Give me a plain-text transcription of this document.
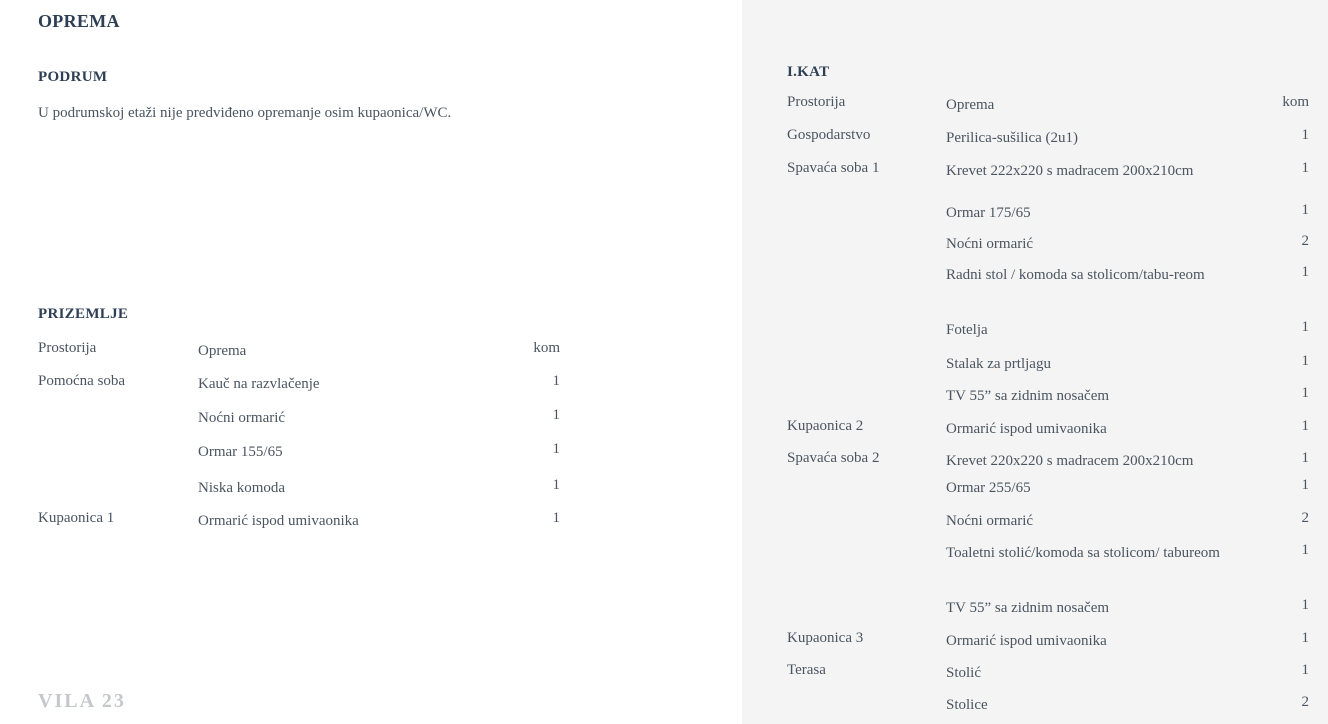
OPREMA
PODRUM
U podrumskoj etaži nije predviđeno opremanje osim kupaonica/WC.
PRIZEMLJE
Prostorija	Oprema	kom
Pomoćna soba	Kauč na razvlačenje	1
Noćni ormarić	1
Ormar 155/65	1
Niska komoda	1
Kupaonica 1	Ormarić ispod umivaonika	1
VILA 23
I.KAT
Prostorija	Oprema	kom
Gospodarstvo	Perilica-sušilica (2u1)	1
Spavaća soba 1	Krevet 222x220 s madracem 200x210cm	1
Ormar 175/65	1
Noćni ormarić	2
Radni stol / komoda sa stolicom/tabu-reom	1
Fotelja	1
Stalak za prtljagu	1
TV 55” sa zidnim nosačem	1
Kupaonica 2	Ormarić ispod umivaonika	1
Spavaća soba 2	Krevet 220x220 s madracem 200x210cm	1
Ormar 255/65	1
Noćni ormarić	2
Toaletni stolić/komoda sa stolicom/ tabureom	1
TV 55” sa zidnim nosačem	1
Kupaonica 3	Ormarić ispod umivaonika	1
Terasa	Stolić	1
Stolice	2
